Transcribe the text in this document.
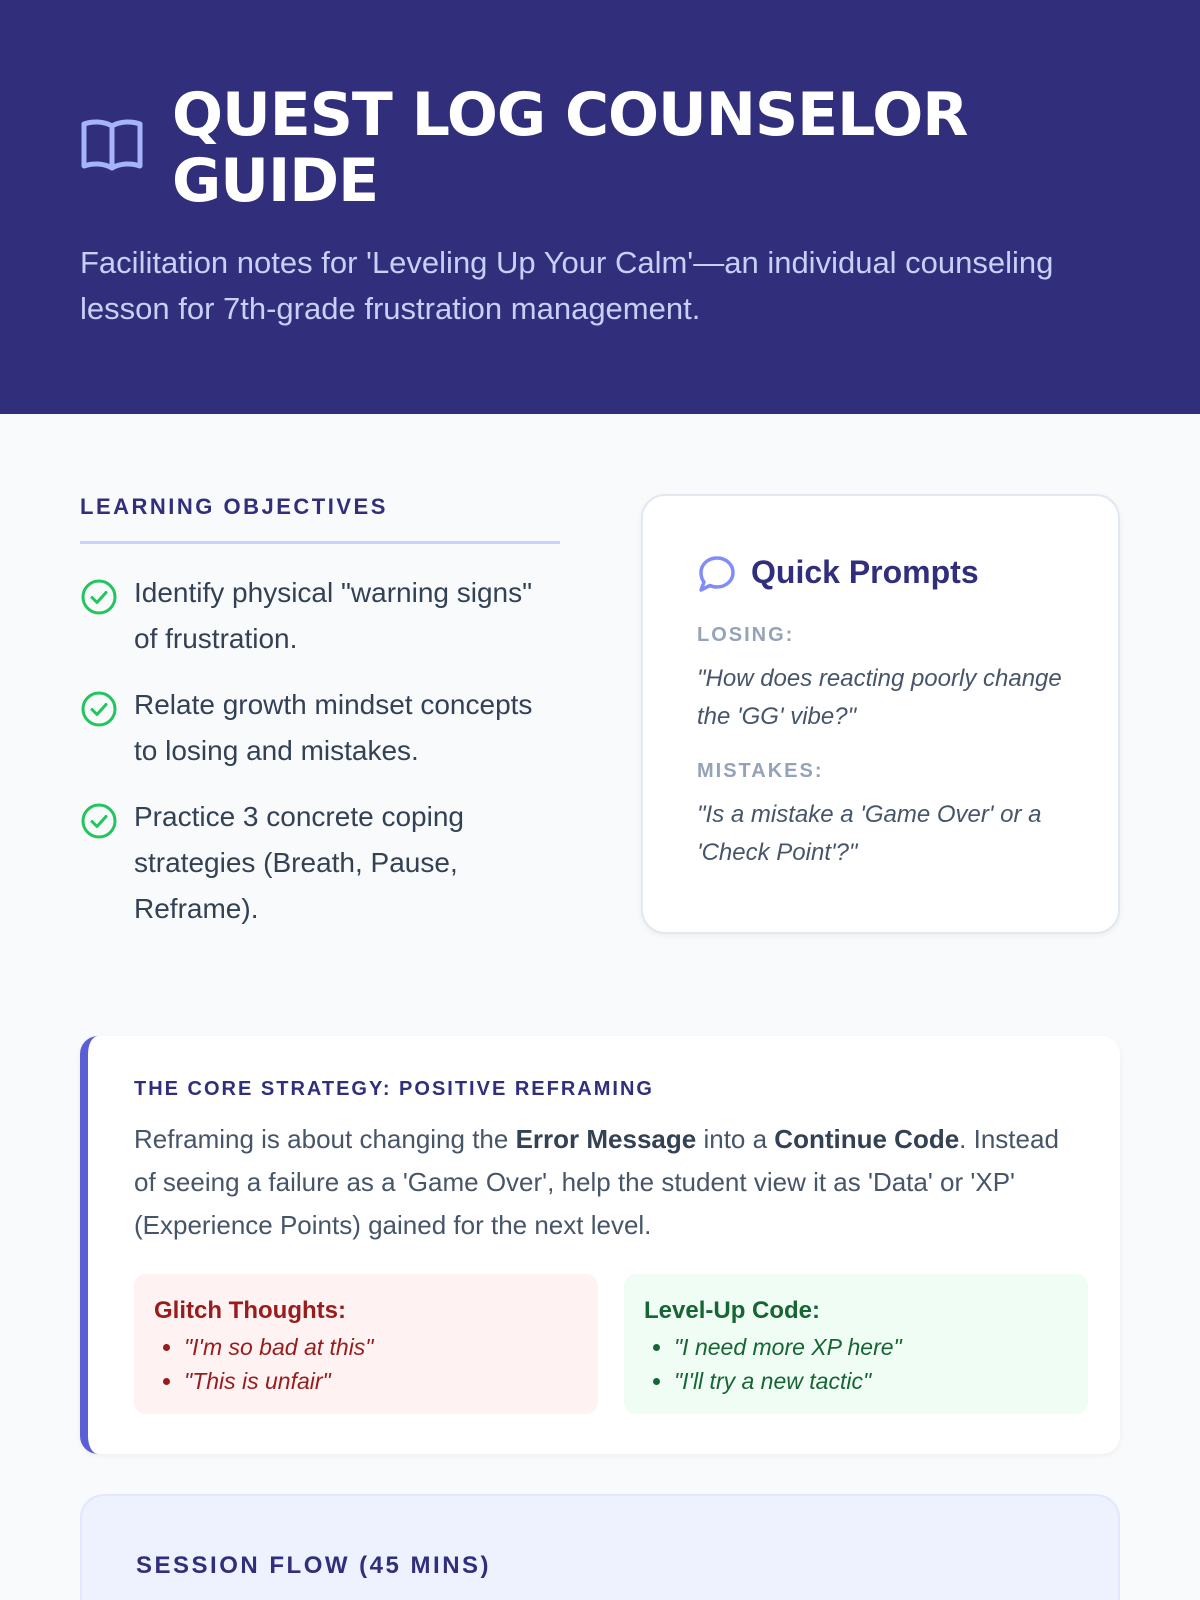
QUEST LOG COUNSELOR GUIDE

Facilitation notes for 'Leveling Up Your Calm'—an individual counseling lesson for 7th-grade frustration management.

LEARNING OBJECTIVES
Identify physical "warning signs" of frustration.
Relate growth mindset concepts to losing and mistakes.
Practice 3 concrete coping strategies (Breath, Pause, Reframe).
Quick Prompts
LOSING:
"How does reacting poorly change the 'GG' vibe?"
MISTAKES:
"Is a mistake a 'Game Over' or a 'Check Point'?"
THE CORE STRATEGY: POSITIVE REFRAMING

Reframing is about changing the Error Message into a Continue Code. Instead of seeing a failure as a 'Game Over', help the student view it as 'Data' or 'XP' (Experience Points) gained for the next level.

Glitch Thoughts:
• "I'm so bad at this"
• "This is unfair"
Level-Up Code:
• "I need more XP here"
• "I'll try a new tactic"
SESSION FLOW (45 MINS)
